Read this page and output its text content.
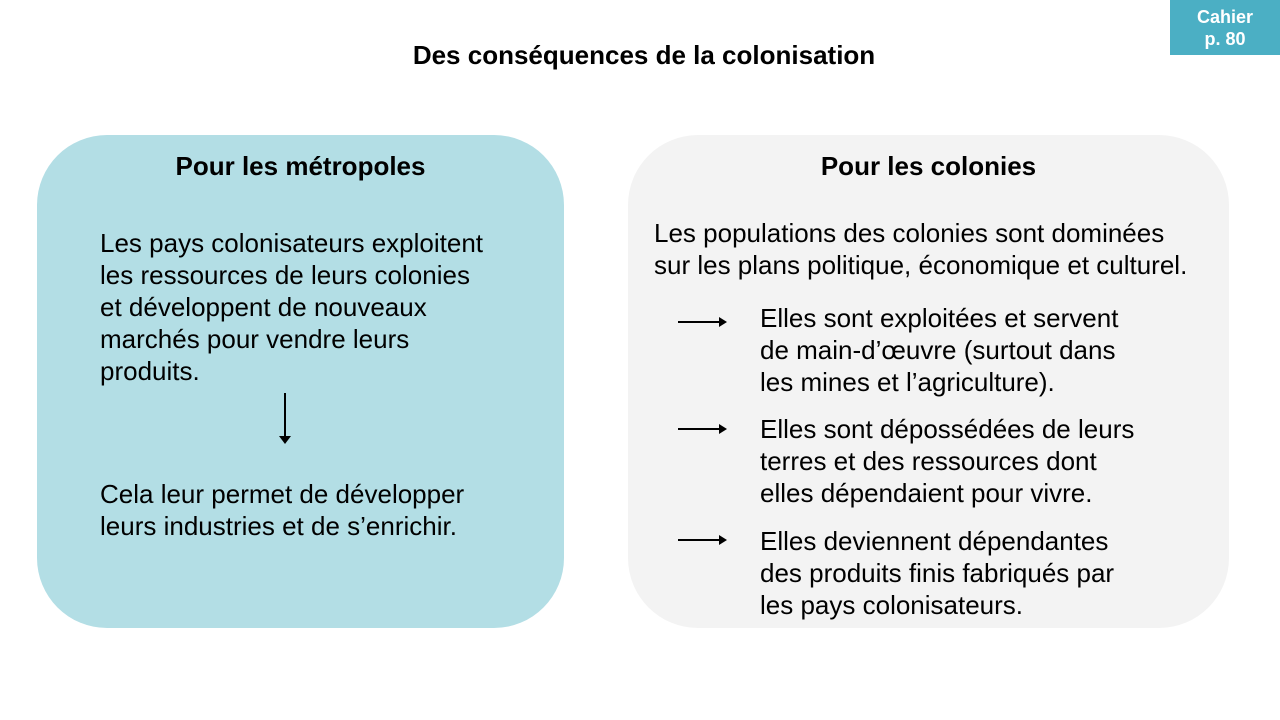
Cahier
p. 80
Des conséquences de la colonisation
Pour les métropoles

Les pays colonisateurs exploitent
les ressources de leurs colonies
et développent de nouveaux
marchés pour vendre leurs
produits.

Cela leur permet de développer
leurs industries et de s’enrichir.

Pour les colonies

Les populations des colonies sont dominées
sur les plans politique, économique et culturel.

Elles sont exploitées et servent
de main-d’œuvre (surtout dans
les mines et l’agriculture).

Elles sont dépossédées de leurs
terres et des ressources dont
elles dépendaient pour vivre.

Elles deviennent dépendantes
des produits finis fabriqués par
les pays colonisateurs.
